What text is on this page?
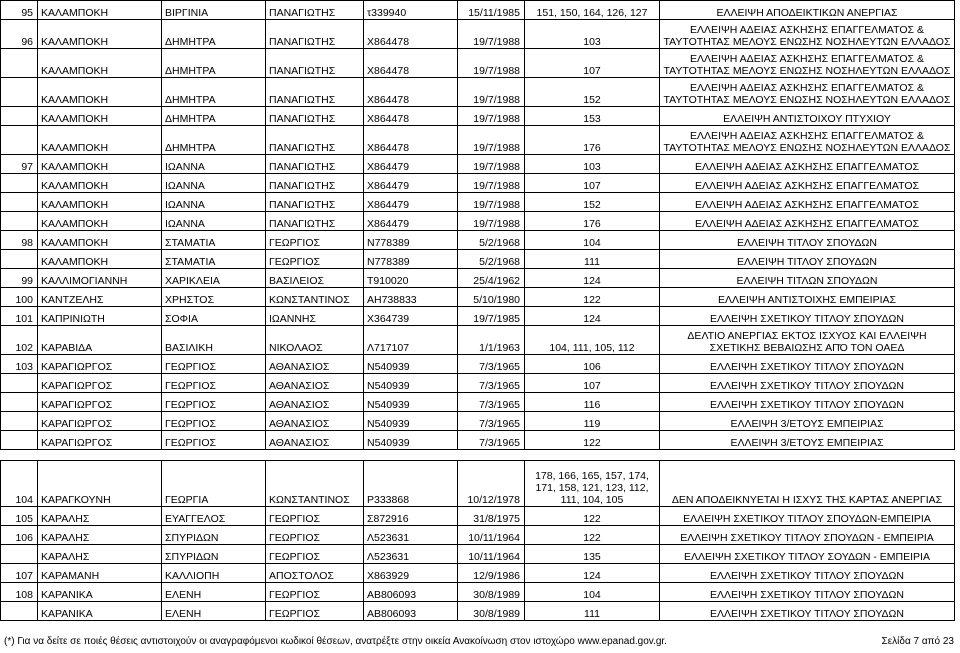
95	ΚΑΛΑΜΠΟΚΗ	ΒΙΡΓΙΝΙΑ	ΠΑΝΑΓΙΩΤΗΣ	τ339940	15/11/1985	151, 150, 164, 126, 127	ΕΛΛΕΙΨΗ ΑΠΟΔΕΙΚΤΙΚΩΝ ΑΝΕΡΓΙΑΣ
96	ΚΑΛΑΜΠΟΚΗ	ΔΗΜΗΤΡΑ	ΠΑΝΑΓΙΩΤΗΣ	Χ864478	19/7/1988	103	ΕΛΛΕΙΨΗ ΑΔΕΙΑΣ ΑΣΚΗΣΗΣ ΕΠΑΓΓΕΛΜΑΤΟΣ & ΤΑΥΤΟΤΗΤΑΣ ΜΕΛΟΥΣ ΕΝΩΣΗΣ ΝΟΣΗΛΕΥΤΩΝ ΕΛΛΑΔΟΣ
	ΚΑΛΑΜΠΟΚΗ	ΔΗΜΗΤΡΑ	ΠΑΝΑΓΙΩΤΗΣ	Χ864478	19/7/1988	107	ΕΛΛΕΙΨΗ ΑΔΕΙΑΣ ΑΣΚΗΣΗΣ ΕΠΑΓΓΕΛΜΑΤΟΣ & ΤΑΥΤΟΤΗΤΑΣ ΜΕΛΟΥΣ ΕΝΩΣΗΣ ΝΟΣΗΛΕΥΤΩΝ ΕΛΛΑΔΟΣ
	ΚΑΛΑΜΠΟΚΗ	ΔΗΜΗΤΡΑ	ΠΑΝΑΓΙΩΤΗΣ	Χ864478	19/7/1988	152	ΕΛΛΕΙΨΗ ΑΔΕΙΑΣ ΑΣΚΗΣΗΣ ΕΠΑΓΓΕΛΜΑΤΟΣ & ΤΑΥΤΟΤΗΤΑΣ ΜΕΛΟΥΣ ΕΝΩΣΗΣ ΝΟΣΗΛΕΥΤΩΝ ΕΛΛΑΔΟΣ
	ΚΑΛΑΜΠΟΚΗ	ΔΗΜΗΤΡΑ	ΠΑΝΑΓΙΩΤΗΣ	Χ864478	19/7/1988	153	ΕΛΛΕΙΨΗ ΑΝΤΙΣΤΟΙΧΟΥ ΠΤΥΧΙΟΥ
	ΚΑΛΑΜΠΟΚΗ	ΔΗΜΗΤΡΑ	ΠΑΝΑΓΙΩΤΗΣ	Χ864478	19/7/1988	176	ΕΛΛΕΙΨΗ ΑΔΕΙΑΣ ΑΣΚΗΣΗΣ ΕΠΑΓΓΕΛΜΑΤΟΣ & ΤΑΥΤΟΤΗΤΑΣ ΜΕΛΟΥΣ ΕΝΩΣΗΣ ΝΟΣΗΛΕΥΤΩΝ ΕΛΛΑΔΟΣ
97	ΚΑΛΑΜΠΟΚΗ	ΙΩΑΝΝΑ	ΠΑΝΑΓΙΩΤΗΣ	Χ864479	19/7/1988	103	ΕΛΛΕΙΨΗ ΑΔΕΙΑΣ ΑΣΚΗΣΗΣ ΕΠΑΓΓΕΛΜΑΤΟΣ
	ΚΑΛΑΜΠΟΚΗ	ΙΩΑΝΝΑ	ΠΑΝΑΓΙΩΤΗΣ	Χ864479	19/7/1988	107	ΕΛΛΕΙΨΗ ΑΔΕΙΑΣ ΑΣΚΗΣΗΣ ΕΠΑΓΓΕΛΜΑΤΟΣ
	ΚΑΛΑΜΠΟΚΗ	ΙΩΑΝΝΑ	ΠΑΝΑΓΙΩΤΗΣ	Χ864479	19/7/1988	152	ΕΛΛΕΙΨΗ ΑΔΕΙΑΣ ΑΣΚΗΣΗΣ ΕΠΑΓΓΕΛΜΑΤΟΣ
	ΚΑΛΑΜΠΟΚΗ	ΙΩΑΝΝΑ	ΠΑΝΑΓΙΩΤΗΣ	Χ864479	19/7/1988	176	ΕΛΛΕΙΨΗ ΑΔΕΙΑΣ ΑΣΚΗΣΗΣ ΕΠΑΓΓΕΛΜΑΤΟΣ
98	ΚΑΛΑΜΠΟΚΗ	ΣΤΑΜΑΤΙΑ	ΓΕΩΡΓΙΟΣ	Ν778389	5/2/1968	104	ΕΛΛΕΙΨΗ ΤΙΤΛΟΥ ΣΠΟΥΔΩΝ
	ΚΑΛΑΜΠΟΚΗ	ΣΤΑΜΑΤΙΑ	ΓΕΩΡΓΙΟΣ	Ν778389	5/2/1968	111	ΕΛΛΕΙΨΗ ΤΙΤΛΟΥ ΣΠΟΥΔΩΝ
99	ΚΑΛΛΙΜΟΓΙΑΝΝΗ	ΧΑΡΙΚΛΕΙΑ	ΒΑΣΙΛΕΙΟΣ	Τ910020	25/4/1962	124	ΕΛΛΕΙΨΗ ΤΙΤΛΩΝ ΣΠΟΥΔΩΝ
100	ΚΑΝΤΖΕΛΗΣ	ΧΡΗΣΤΟΣ	ΚΩΝΣΤΑΝΤΙΝΟΣ	ΑΗ738833	5/10/1980	122	ΕΛΛΕΙΨΗ ΑΝΤΙΣΤΟΙΧΗΣ ΕΜΠΕΙΡΙΑΣ
101	ΚΑΠΡΙΝΙΩΤΗ	ΣΟΦΙΑ	ΙΩΑΝΝΗΣ	Χ364739	19/7/1985	124	ΕΛΛΕΙΨΗ ΣΧΕΤΙΚΟΥ ΤΙΤΛΟΥ ΣΠΟΥΔΩΝ
102	ΚΑΡΑΒΙΔΑ	ΒΑΣΙΛΙΚΗ	ΝΙΚΟΛΑΟΣ	Λ717107	1/1/1963	104, 111, 105, 112	ΔΕΛΤΙΟ ΑΝΕΡΓΙΑΣ ΕΚΤΟΣ ΙΣΧΥΟΣ ΚΑΙ ΕΛΛΕΙΨΗ ΣΧΕΤΙΚΗΣ ΒΕΒΑΙΩΣΗΣ ΑΠΌ ΤΟΝ ΟΑΕΔ
103	ΚΑΡΑΓΙΩΡΓΟΣ	ΓΕΩΡΓΙΟΣ	ΑΘΑΝΑΣΙΟΣ	Ν540939	7/3/1965	106	ΕΛΛΕΙΨΗ ΣΧΕΤΙΚΟΥ ΤΙΤΛΟΥ ΣΠΟΥΔΩΝ
	ΚΑΡΑΓΙΩΡΓΟΣ	ΓΕΩΡΓΙΟΣ	ΑΘΑΝΑΣΙΟΣ	Ν540939	7/3/1965	107	ΕΛΛΕΙΨΗ ΣΧΕΤΙΚΟΥ ΤΙΤΛΟΥ ΣΠΟΥΔΩΝ
	ΚΑΡΑΓΙΩΡΓΟΣ	ΓΕΩΡΓΙΟΣ	ΑΘΑΝΑΣΙΟΣ	Ν540939	7/3/1965	116	ΕΛΛΕΙΨΗ ΣΧΕΤΙΚΟΥ ΤΙΤΛΟΥ ΣΠΟΥΔΩΝ
	ΚΑΡΑΓΙΩΡΓΟΣ	ΓΕΩΡΓΙΟΣ	ΑΘΑΝΑΣΙΟΣ	Ν540939	7/3/1965	119	ΕΛΛΕΙΨΗ 3/ΕΤΟΥΣ ΕΜΠΕΙΡΙΑΣ
	ΚΑΡΑΓΙΩΡΓΟΣ	ΓΕΩΡΓΙΟΣ	ΑΘΑΝΑΣΙΟΣ	Ν540939	7/3/1965	122	ΕΛΛΕΙΨΗ 3/ΕΤΟΥΣ ΕΜΠΕΙΡΙΑΣ

104	ΚΑΡΑΓΚΟΥΝΗ	ΓΕΩΡΓΙΑ	ΚΩΝΣΤΑΝΤΙΝΟΣ	Ρ333868	10/12/1978	178, 166, 165, 157, 174, 171, 158, 121, 123, 112, 111, 104, 105	ΔΕΝ ΑΠΟΔΕΙΚΝΥΕΤΑΙ Η ΙΣΧΥΣ ΤΗΣ ΚΑΡΤΑΣ ΑΝΕΡΓΙΑΣ
105	ΚΑΡΑΛΗΣ	ΕΥΑΓΓΕΛΟΣ	ΓΕΩΡΓΙΟΣ	Σ872916	31/8/1975	122	ΕΛΛΕΙΨΗ ΣΧΕΤΙΚΟΥ ΤΙΤΛΟΥ ΣΠΟΥΔΩΝ-ΕΜΠΕΙΡΙΑ
106	ΚΑΡΑΛΗΣ	ΣΠΥΡΙΔΩΝ	ΓΕΩΡΓΙΟΣ	Λ523631	10/11/1964	122	ΕΛΛΕΙΨΗ ΣΧΕΤΙΚΟΥ ΤΙΤΛΟΥ ΣΠΟΥΔΩΝ - ΕΜΠΕΙΡΙΑ
	ΚΑΡΑΛΗΣ	ΣΠΥΡΙΔΩΝ	ΓΕΩΡΓΙΟΣ	Λ523631	10/11/1964	135	ΕΛΛΕΙΨΗ ΣΧΕΤΙΚΟΥ ΤΙΤΛΟΥ ΣΟΥΔΩΝ - ΕΜΠΕΙΡΙΑ
107	ΚΑΡΑΜΑΝΗ	ΚΑΛΛΙΟΠΗ	ΑΠΟΣΤΟΛΟΣ	Χ863929	12/9/1986	124	ΕΛΛΕΙΨΗ ΣΧΕΤΙΚΟΥ ΤΙΤΛΟΥ ΣΠΟΥΔΩΝ
108	ΚΑΡΑΝΙΚΑ	ΕΛΕΝΗ	ΓΕΩΡΓΙΟΣ	ΑΒ806093	30/8/1989	104	ΕΛΛΕΙΨΗ ΣΧΕΤΙΚΟΥ ΤΙΤΛΟΥ ΣΠΟΥΔΩΝ
	ΚΑΡΑΝΙΚΑ	ΕΛΕΝΗ	ΓΕΩΡΓΙΟΣ	ΑΒ806093	30/8/1989	111	ΕΛΛΕΙΨΗ ΣΧΕΤΙΚΟΥ ΤΙΤΛΟΥ ΣΠΟΥΔΩΝ
(*) Για να δείτε σε ποιές θέσεις αντιστοιχούν οι αναγραφόμενοι κωδικοί θέσεων, ανατρέξτε στην οικεία Ανακοίνωση στον ιστοχώρο www.epanad.gov.gr.	Σελίδα 7 από 23
